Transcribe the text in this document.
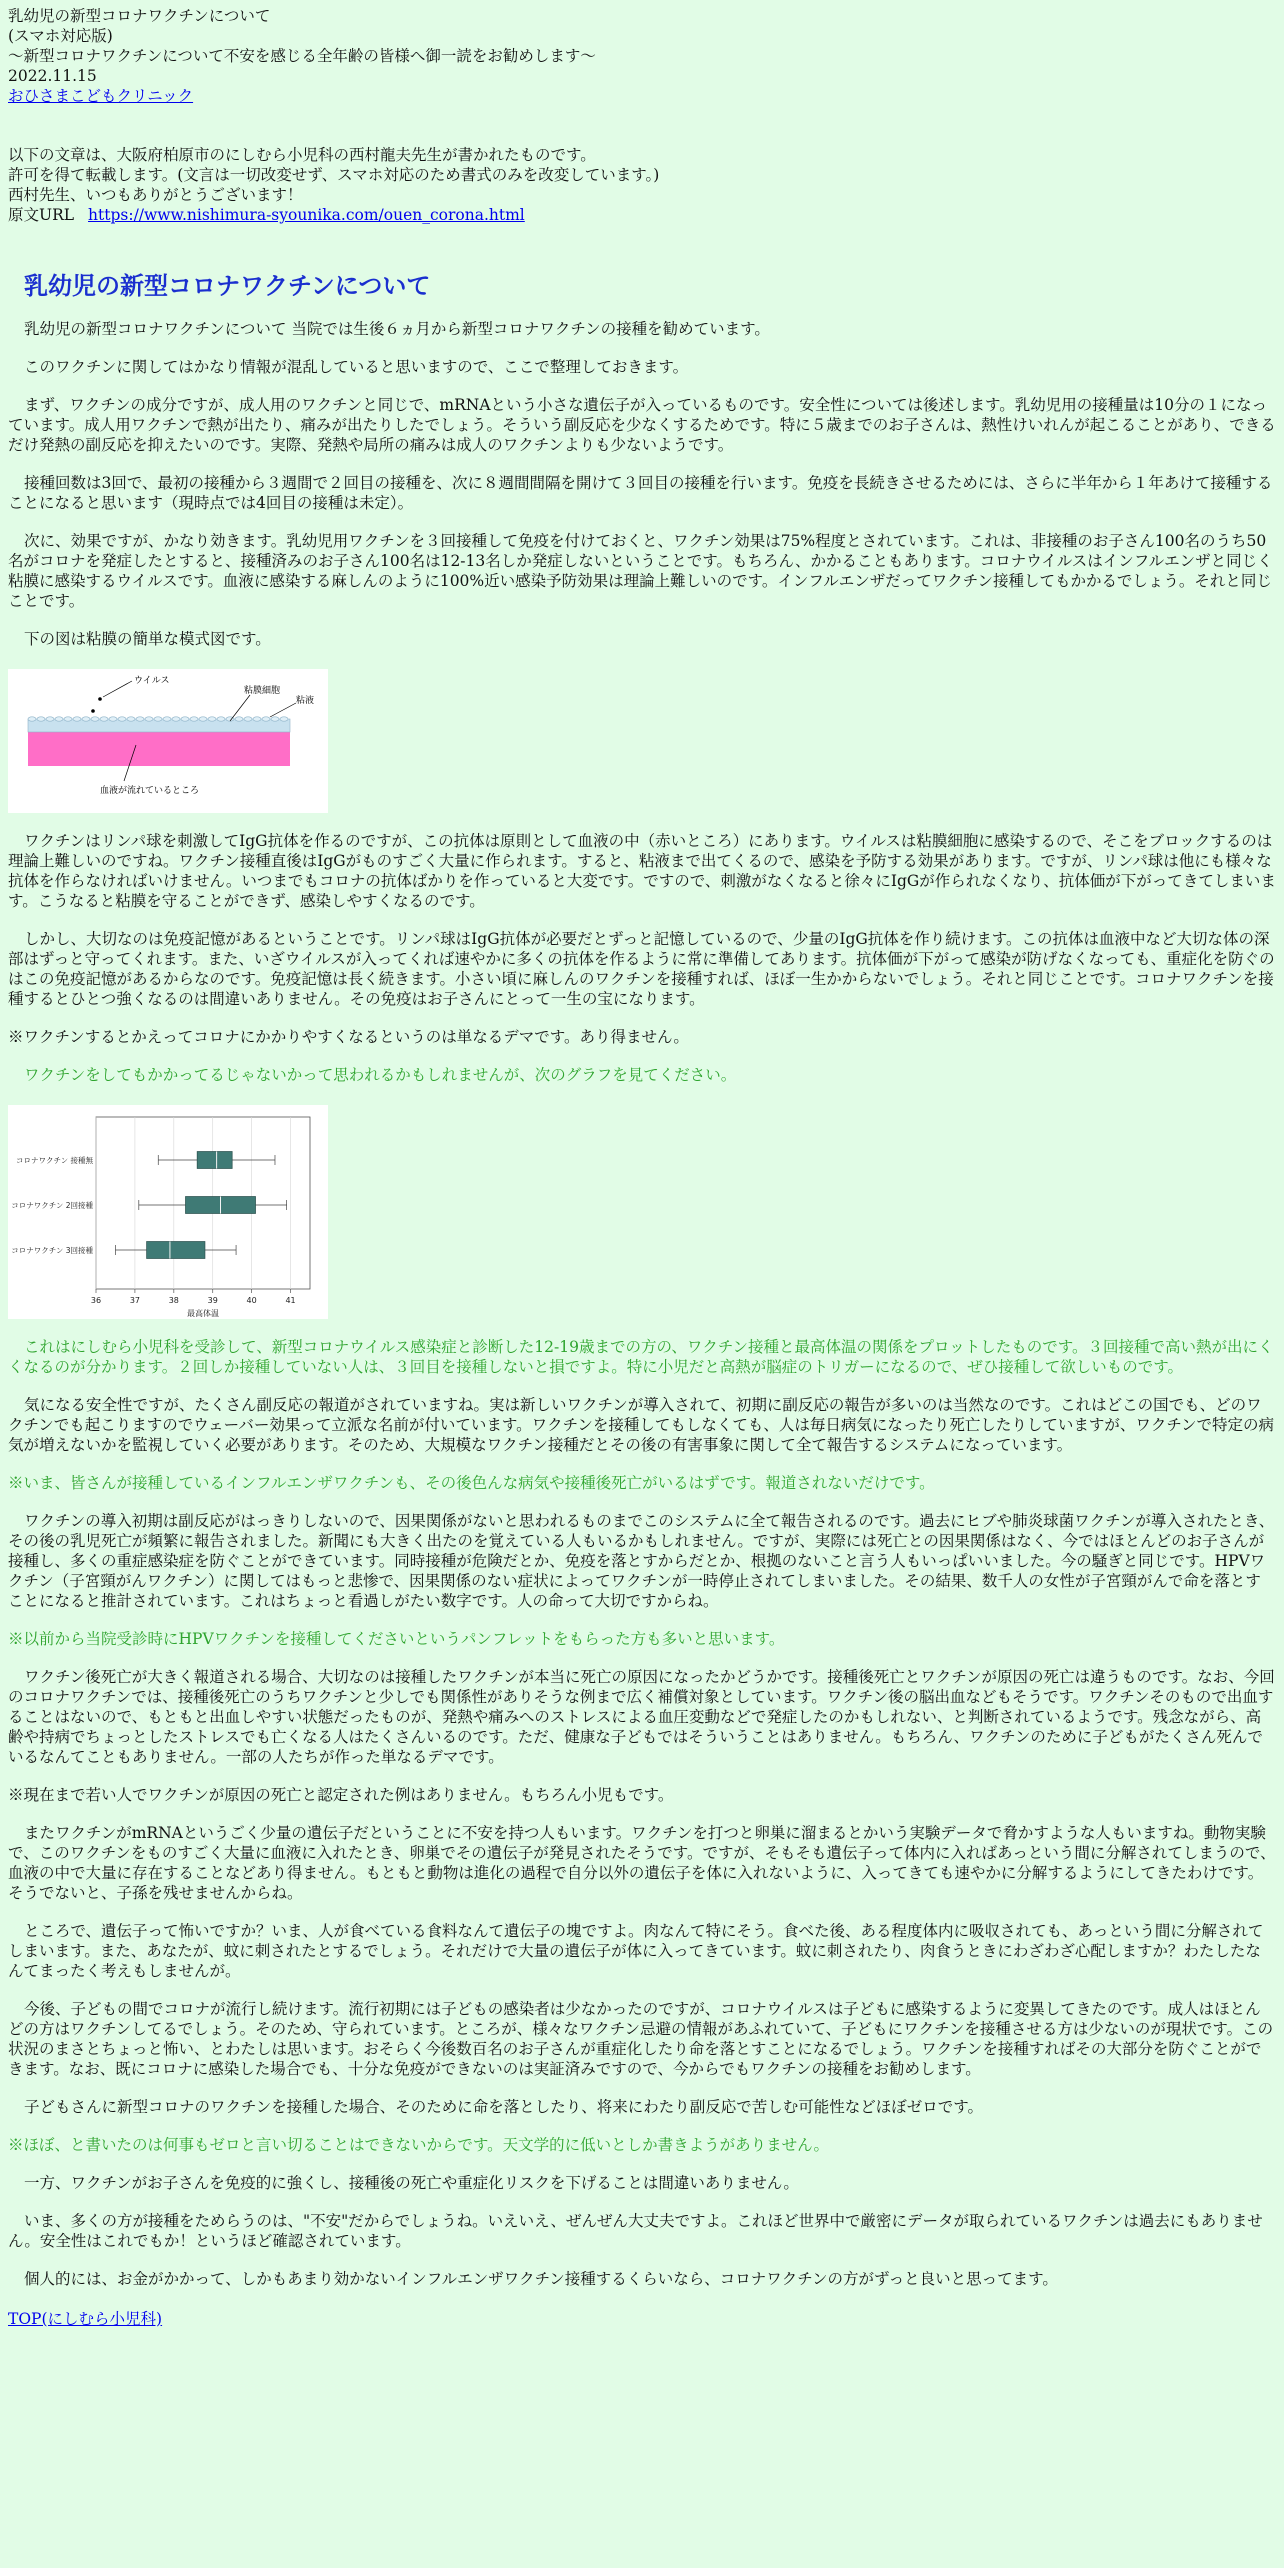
乳幼児の新型コロナワクチンについて
(スマホ対応版)
～新型コロナワクチンについて不安を感じる全年齢の皆様へ御一読をお勧めします～
2022.11.15
おひさまこどもクリニック
以下の文章は、大阪府柏原市のにしむら小児科の西村龍夫先生が書かれたものです。
許可を得て転載します。(文言は一切改変せず、スマホ対応のため書式のみを改変しています。)
西村先生、いつもありがとうございます！
原文URL https://www.nishimura-syounika.com/ouen_corona.html
乳幼児の新型コロナワクチンについて

乳幼児の新型コロナワクチンについて 当院では生後６ヵ月から新型コロナワクチンの接種を勧めています。

このワクチンに関してはかなり情報が混乱していると思いますので、ここで整理しておきます。

まず、ワクチンの成分ですが、成人用のワクチンと同じで、mRNAという小さな遺伝子が入っているものです。安全性については後述します。乳幼児用の接種量は10分の１になっています。成人用ワクチンで熱が出たり、痛みが出たりしたでしょう。そういう副反応を少なくするためです。特に５歳までのお子さんは、熱性けいれんが起こることがあり、できるだけ発熱の副反応を抑えたいのです。実際、発熱や局所の痛みは成人のワクチンよりも少ないようです。

接種回数は3回で、最初の接種から３週間で２回目の接種を、次に８週間間隔を開けて３回目の接種を行います。免疫を長続きさせるためには、さらに半年から１年あけて接種することになると思います（現時点では4回目の接種は未定）。

次に、効果ですが、かなり効きます。乳幼児用ワクチンを３回接種して免疫を付けておくと、ワクチン効果は75%程度とされています。これは、非接種のお子さん100名のうち50名がコロナを発症したとすると、接種済みのお子さん100名は12-13名しか発症しないということです。もちろん、かかることもあります。コロナウイルスはインフルエンザと同じく粘膜に感染するウイルスです。血液に感染する麻しんのように100%近い感染予防効果は理論上難しいのです。インフルエンザだってワクチン接種してもかかるでしょう。それと同じことです。

下の図は粘膜の簡単な模式図です。

ウイルス
粘膜細胞
粘液
血液が流れているところ

ワクチンはリンパ球を刺激してIgG抗体を作るのですが、この抗体は原則として血液の中（赤いところ）にあります。ウイルスは粘膜細胞に感染するので、そこをブロックするのは理論上難しいのですね。ワクチン接種直後はIgGがものすごく大量に作られます。すると、粘液まで出てくるので、感染を予防する効果があります。ですが、リンパ球は他にも様々な抗体を作らなければいけません。いつまでもコロナの抗体ばかりを作っていると大変です。ですので、刺激がなくなると徐々にIgGが作られなくなり、抗体価が下がってきてしまいます。こうなると粘膜を守ることができず、感染しやすくなるのです。

しかし、大切なのは免疫記憶があるということです。リンパ球はIgG抗体が必要だとずっと記憶しているので、少量のIgG抗体を作り続けます。この抗体は血液中など大切な体の深部はずっと守ってくれます。また、いざウイルスが入ってくれば速やかに多くの抗体を作るように常に準備してあります。抗体価が下がって感染が防げなくなっても、重症化を防ぐのはこの免疫記憶があるからなのです。免疫記憶は長く続きます。小さい頃に麻しんのワクチンを接種すれば、ほぼ一生かからないでしょう。それと同じことです。コロナワクチンを接種するとひとつ強くなるのは間違いありません。その免疫はお子さんにとって一生の宝になります。

※ワクチンするとかえってコロナにかかりやすくなるというのは単なるデマです。あり得ません。

ワクチンをしてもかかってるじゃないかって思われるかもしれませんが、次のグラフを見てください。

36	37	38	39	40	41
最高体温
コロナワクチン 接種無
コロナワクチン 2回接種
コロナワクチン 3回接種

これはにしむら小児科を受診して、新型コロナウイルス感染症と診断した12-19歳までの方の、ワクチン接種と最高体温の関係をプロットしたものです。３回接種で高い熱が出にくくなるのが分かります。２回しか接種していない人は、３回目を接種しないと損ですよ。特に小児だと高熱が脳症のトリガーになるので、ぜひ接種して欲しいものです。

気になる安全性ですが、たくさん副反応の報道がされていますね。実は新しいワクチンが導入されて、初期に副反応の報告が多いのは当然なのです。これはどこの国でも、どのワクチンでも起こりますのでウェーバー効果って立派な名前が付いています。ワクチンを接種してもしなくても、人は毎日病気になったり死亡したりしていますが、ワクチンで特定の病気が増えないかを監視していく必要があります。そのため、大規模なワクチン接種だとその後の有害事象に関して全て報告するシステムになっています。

※いま、皆さんが接種しているインフルエンザワクチンも、その後色んな病気や接種後死亡がいるはずです。報道されないだけです。

ワクチンの導入初期は副反応がはっきりしないので、因果関係がないと思われるものまでこのシステムに全て報告されるのです。過去にヒブや肺炎球菌ワクチンが導入されたとき、その後の乳児死亡が頻繁に報告されました。新聞にも大きく出たのを覚えている人もいるかもしれません。ですが、実際には死亡との因果関係はなく、今ではほとんどのお子さんが接種し、多くの重症感染症を防ぐことができています。同時接種が危険だとか、免疫を落とすからだとか、根拠のないこと言う人もいっぱいいました。今の騒ぎと同じです。HPVワクチン（子宮頸がんワクチン）に関してはもっと悲惨で、因果関係のない症状によってワクチンが一時停止されてしまいました。その結果、数千人の女性が子宮頸がんで命を落とすことになると推計されています。これはちょっと看過しがたい数字です。人の命って大切ですからね。

※以前から当院受診時にHPVワクチンを接種してくださいというパンフレットをもらった方も多いと思います。

ワクチン後死亡が大きく報道される場合、大切なのは接種したワクチンが本当に死亡の原因になったかどうかです。接種後死亡とワクチンが原因の死亡は違うものです。なお、今回のコロナワクチンでは、接種後死亡のうちワクチンと少しでも関係性がありそうな例まで広く補償対象としています。ワクチン後の脳出血などもそうです。ワクチンそのもので出血することはないので、もともと出血しやすい状態だったものが、発熱や痛みへのストレスによる血圧変動などで発症したのかもしれない、と判断されているようです。残念ながら、高齢や持病でちょっとしたストレスでも亡くなる人はたくさんいるのです。ただ、健康な子どもではそういうことはありません。もちろん、ワクチンのために子どもがたくさん死んでいるなんてこともありません。一部の人たちが作った単なるデマです。

※現在まで若い人でワクチンが原因の死亡と認定された例はありません。もちろん小児もです。

またワクチンがmRNAというごく少量の遺伝子だということに不安を持つ人もいます。ワクチンを打つと卵巣に溜まるとかいう実験データで脅かすような人もいますね。動物実験で、このワクチンをものすごく大量に血液に入れたとき、卵巣でその遺伝子が発見されたそうです。ですが、そもそも遺伝子って体内に入ればあっという間に分解されてしまうので、血液の中で大量に存在することなどあり得ません。もともと動物は進化の過程で自分以外の遺伝子を体に入れないように、入ってきても速やかに分解するようにしてきたわけです。そうでないと、子孫を残せませんからね。

ところで、遺伝子って怖いですか？いま、人が食べている食料なんて遺伝子の塊ですよ。肉なんて特にそう。食べた後、ある程度体内に吸収されても、あっという間に分解されてしまいます。また、あなたが、蚊に刺されたとするでしょう。それだけで大量の遺伝子が体に入ってきています。蚊に刺されたり、肉食うときにわざわざ心配しますか？わたしたなんてまったく考えもしませんが。

今後、子どもの間でコロナが流行し続けます。流行初期には子どもの感染者は少なかったのですが、コロナウイルスは子どもに感染するように変異してきたのです。成人はほとんどの方はワクチンしてるでしょう。そのため、守られています。ところが、様々なワクチン忌避の情報があふれていて、子どもにワクチンを接種させる方は少ないのが現状です。この状況のまさとちょっと怖い、とわたしは思います。おそらく今後数百名のお子さんが重症化したり命を落とすことになるでしょう。ワクチンを接種すればその大部分を防ぐことができます。なお、既にコロナに感染した場合でも、十分な免疫ができないのは実証済みですので、今からでもワクチンの接種をお勧めします。

子どもさんに新型コロナのワクチンを接種した場合、そのために命を落としたり、将来にわたり副反応で苦しむ可能性などほぼゼロです。

※ほぼ、と書いたのは何事もゼロと言い切ることはできないからです。天文学的に低いとしか書きようがありません。

一方、ワクチンがお子さんを免疫的に強くし、接種後の死亡や重症化リスクを下げることは間違いありません。

いま、多くの方が接種をためらうのは、"不安"だからでしょうね。いえいえ、ぜんぜん大丈夫ですよ。これほど世界中で厳密にデータが取られているワクチンは過去にもありません。安全性はこれでもか！というほど確認されています。

個人的には、お金がかかって、しかもあまり効かないインフルエンザワクチン接種するくらいなら、コロナワクチンの方がずっと良いと思ってます。

TOP(にしむら小児科)
